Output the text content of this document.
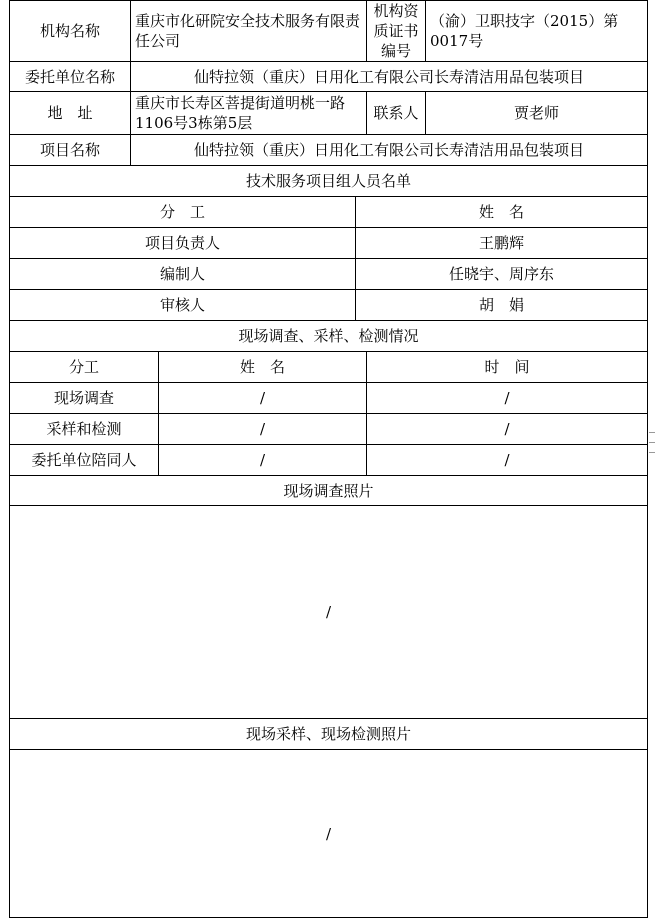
机构名称	重庆市化研院安全技术服务有限责任公司			机构资质证书编号	（渝）卫职技字（2015）第0017号
委托单位名称	仙特拉领（重庆）日用化工有限公司长寿清洁用品包装项目				
地　址	重庆市长寿区菩提街道明桃一路1106号3栋第5层			联系人	贾老师
项目名称	仙特拉领（重庆）日用化工有限公司长寿清洁用品包装项目				
技术服务项目组人员名单					
分　工			姓　名		
项目负责人			王鹏辉		
编制人			任晓宇、周序东		
审核人			胡　娟		
现场调查、采样、检测情况					
分工		姓　名		时　间	
现场调查		/		/	
采样和检测		/		/	
委托单位陪同人		/		/	
现场调查照片					
/					
现场采样、现场检测照片					
/					
